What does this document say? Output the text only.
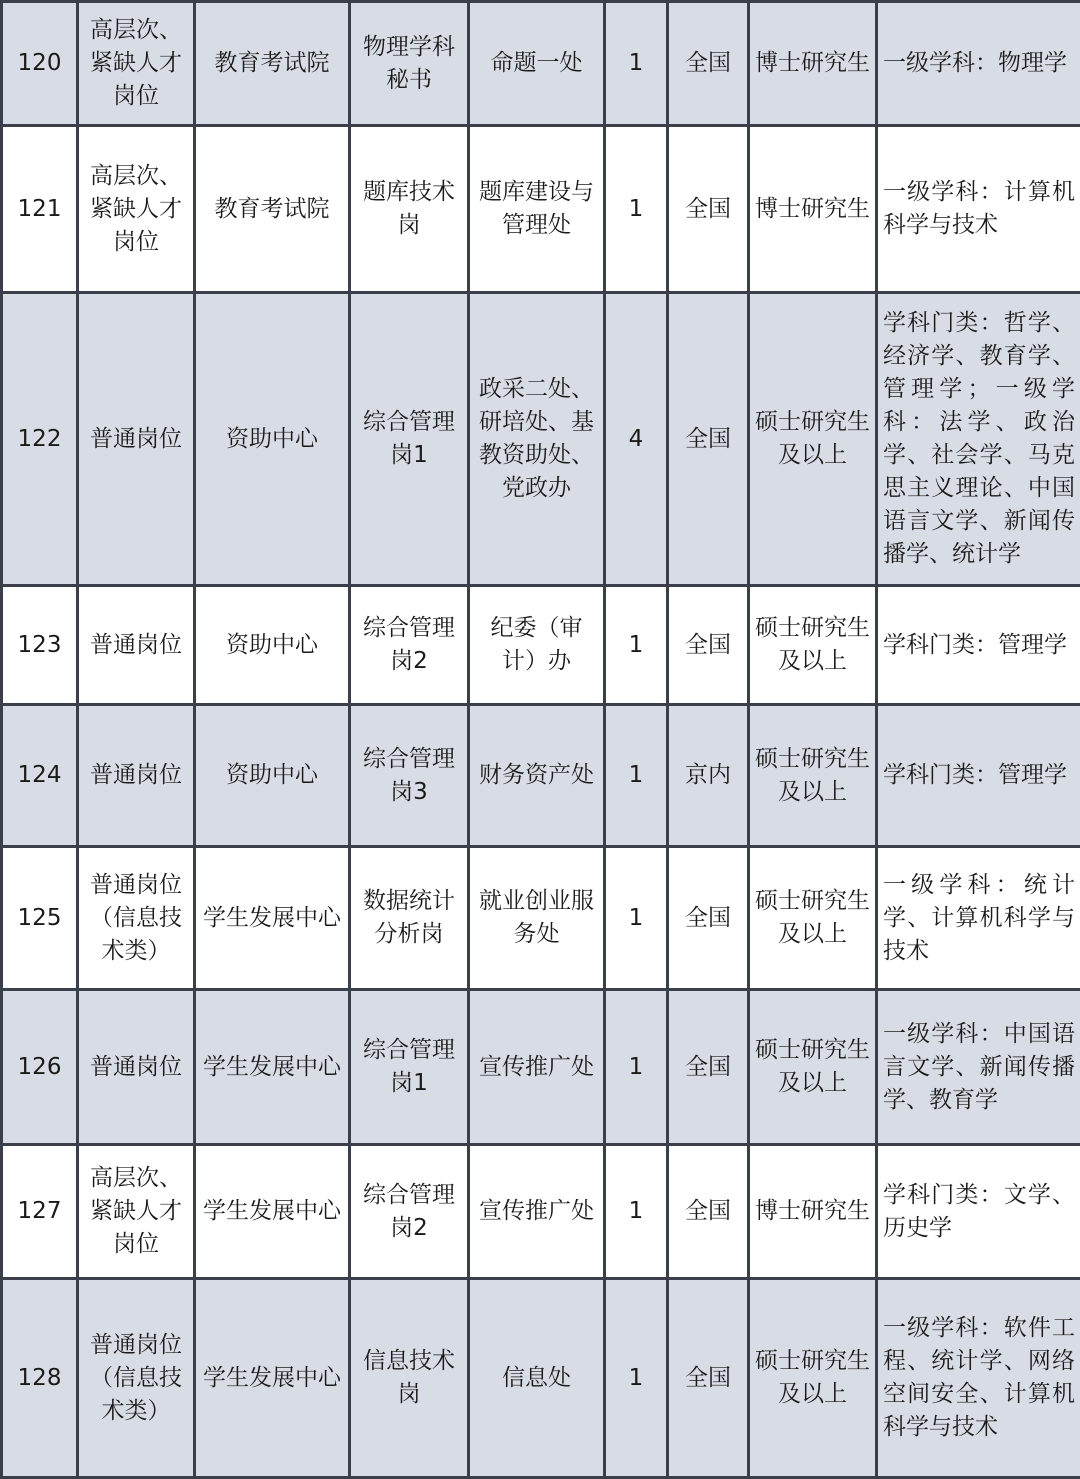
120	高层次、紧缺人才岗位	教育考试院	物理学科秘书	命题一处	1	全国	博士研究生	一级学科：物理学
121	高层次、紧缺人才岗位	教育考试院	题库技术岗	题库建设与管理处	1	全国	博士研究生	一级学科：计算机科学与技术
122	普通岗位	资助中心	综合管理岗1	政采二处、研培处、基教资助处、党政办	4	全国	硕士研究生及以上	学科门类：哲学、经济学、教育学、管理学；一级学科：法学、政治学、社会学、马克思主义理论、中国语言文学、新闻传播学、统计学
123	普通岗位	资助中心	综合管理岗2	纪委（审计）办	1	全国	硕士研究生及以上	学科门类：管理学
124	普通岗位	资助中心	综合管理岗3	财务资产处	1	京内	硕士研究生及以上	学科门类：管理学
125	普通岗位（信息技术类）	学生发展中心	数据统计分析岗	就业创业服务处	1	全国	硕士研究生及以上	一级学科：统计学、计算机科学与技术
126	普通岗位	学生发展中心	综合管理岗1	宣传推广处	1	全国	硕士研究生及以上	一级学科：中国语言文学、新闻传播学、教育学
127	高层次、紧缺人才岗位	学生发展中心	综合管理岗2	宣传推广处	1	全国	博士研究生	学科门类：文学、历史学
128	普通岗位（信息技术类）	学生发展中心	信息技术岗	信息处	1	全国	硕士研究生及以上	一级学科：软件工程、统计学、网络空间安全、计算机科学与技术
